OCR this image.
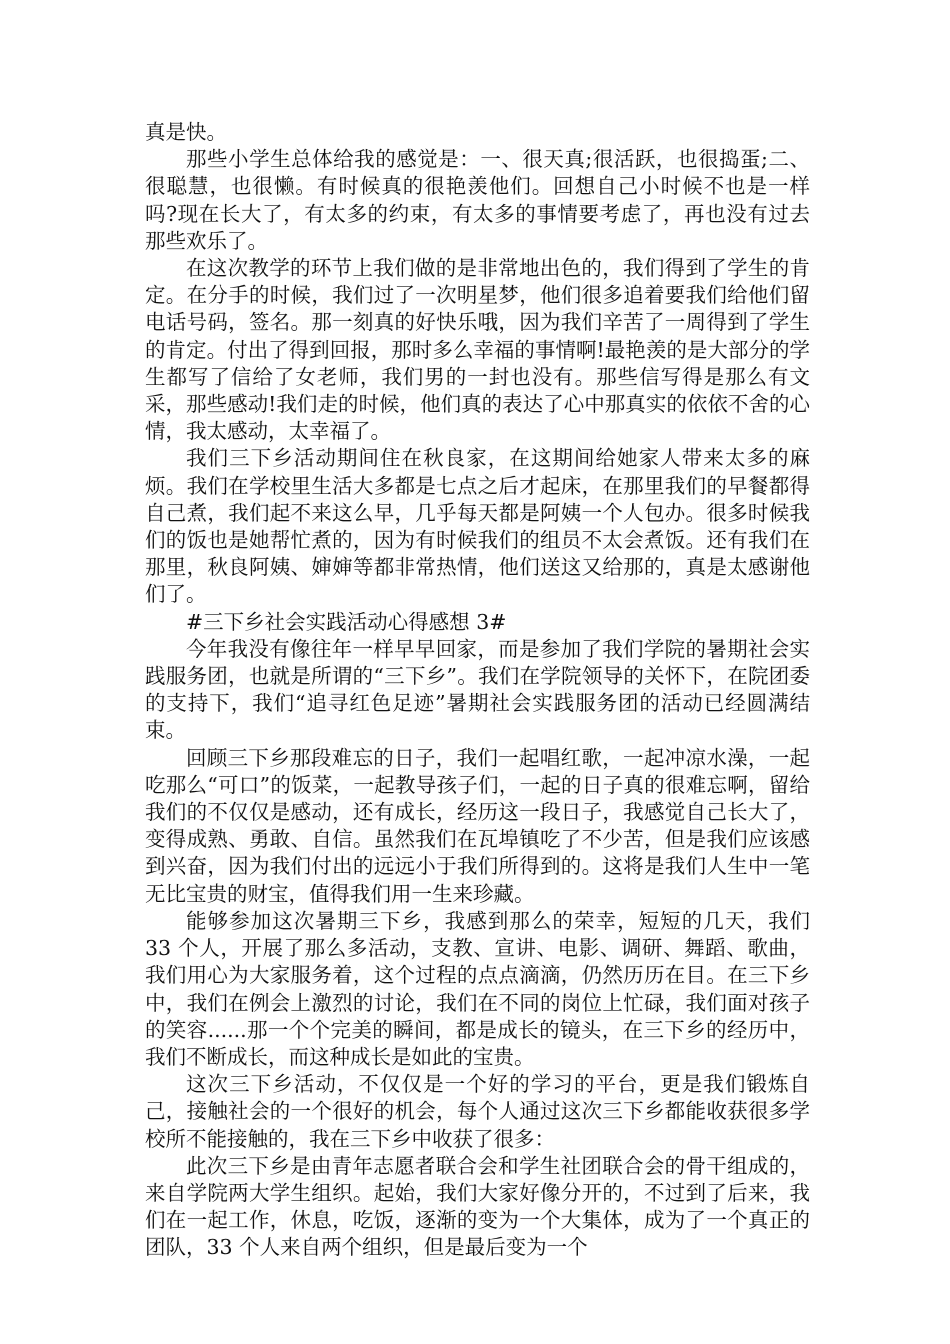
真是快。

那些小学生总体给我的感觉是：一、很天真;很活跃，也很捣蛋;二、很聪慧，也很懒。有时候真的很艳羡他们。回想自己小时候不也是一样吗?现在长大了，有太多的约束，有太多的事情要考虑了，再也没有过去那些欢乐了。

在这次教学的环节上我们做的是非常地出色的，我们得到了学生的肯定。在分手的时候，我们过了一次明星梦，他们很多追着要我们给他们留电话号码，签名。那一刻真的好快乐哦，因为我们辛苦了一周得到了学生的肯定。付出了得到回报，那时多么幸福的事情啊!最艳羡的是大部分的学生都写了信给了女老师，我们男的一封也没有。那些信写得是那么有文采，那些感动!我们走的时候，他们真的表达了心中那真实的依依不舍的心情，我太感动，太幸福了。

我们三下乡活动期间住在秋良家，在这期间给她家人带来太多的麻烦。我们在学校里生活大多都是七点之后才起床，在那里我们的早餐都得自己煮，我们起不来这么早，几乎每天都是阿姨一个人包办。很多时候我们的饭也是她帮忙煮的，因为有时候我们的组员不太会煮饭。还有我们在那里，秋良阿姨、婶婶等都非常热情，他们送这又给那的，真是太感谢他们了。

#三下乡社会实践活动心得感想 3#

今年我没有像往年一样早早回家，而是参加了我们学院的暑期社会实践服务团，也就是所谓的“三下乡”。我们在学院领导的关怀下，在院团委的支持下，我们“追寻红色足迹”暑期社会实践服务团的活动已经圆满结束。

回顾三下乡那段难忘的日子，我们一起唱红歌，一起冲凉水澡，一起吃那么“可口”的饭菜，一起教导孩子们，一起的日子真的很难忘啊，留给我们的不仅仅是感动，还有成长，经历这一段日子，我感觉自己长大了，变得成熟、勇敢、自信。虽然我们在瓦埠镇吃了不少苦，但是我们应该感到兴奋，因为我们付出的远远小于我们所得到的。这将是我们人生中一笔无比宝贵的财宝，值得我们用一生来珍藏。

能够参加这次暑期三下乡，我感到那么的荣幸，短短的几天，我们 33 个人，开展了那么多活动，支教、宣讲、电影、调研、舞蹈、歌曲，我们用心为大家服务着，这个过程的点点滴滴，仍然历历在目。在三下乡中，我们在例会上激烈的讨论，我们在不同的岗位上忙碌，我们面对孩子的笑容......那一个个完美的瞬间，都是成长的镜头，在三下乡的经历中，我们不断成长，而这种成长是如此的宝贵。

这次三下乡活动，不仅仅是一个好的学习的平台，更是我们锻炼自己，接触社会的一个很好的机会，每个人通过这次三下乡都能收获很多学校所不能接触的，我在三下乡中收获了很多：

此次三下乡是由青年志愿者联合会和学生社团联合会的骨干组成的，来自学院两大学生组织。起始，我们大家好像分开的，不过到了后来，我们在一起工作，休息，吃饭，逐渐的变为一个大集体，成为了一个真正的团队，33 个人来自两个组织，但是最后变为一个
